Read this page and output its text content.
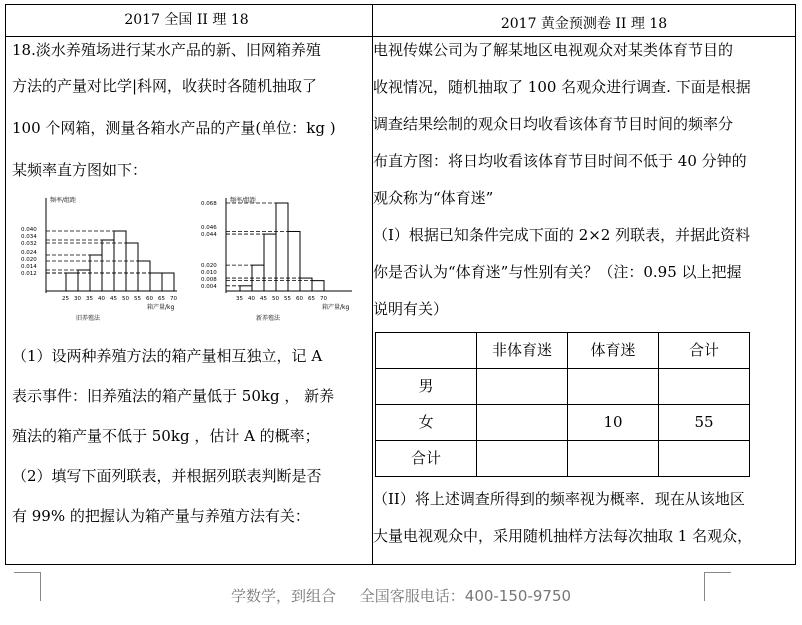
2017 全国 II 理 18	2017 黄金预测卷 II 理 18

18.淡水养殖场进行某水产品的新、旧网箱养殖

方法的产量对比学|科网，收获时各随机抽取了

100 个网箱，测量各箱水产品的产量(单位：kg )

某频率直方图如下：

频率/组距
箱产量/kg
旧养殖法
25 30 35 40 45 50 55 60 65 70
0.012
0.014
0.020
0.024
0.032
0.034
0.040
频率/组距
箱产量/kg
新养殖法
35 40 45 50 55 60 65 70
0.004
0.008
0.010
0.020
0.044
0.046
0.068

（1）设两种养殖方法的箱产量相互独立，记 A

表示事件：旧养殖法的箱产量低于 50kg ， 新养

殖法的箱产量不低于 50kg ，估计 A 的概率；

（2）填写下面列联表，并根据列联表判断是否

有 99% 的把握认为箱产量与养殖方法有关：

电视传媒公司为了解某地区电视观众对某类体育节目的

收视情况，随机抽取了 100 名观众进行调查. 下面是根据

调查结果绘制的观众日均收看该体育节目时间的频率分

布直方图：将日均收看该体育节目时间不低于 40 分钟的

观众称为“体育迷”

（I）根据已知条件完成下面的 2×2 列联表，并据此资料

你是否认为“体育迷”与性别有关？（注：0.95 以上把握

说明有关）

	非体育迷	体育迷	合计
男			
女		10	55
合计			

（II）将上述调查所得到的频率视为概率．现在从该地区

大量电视观众中，采用随机抽样方法每次抽取 1 名观众，

学数学，到组合     全国客服电话：400-150-9750
